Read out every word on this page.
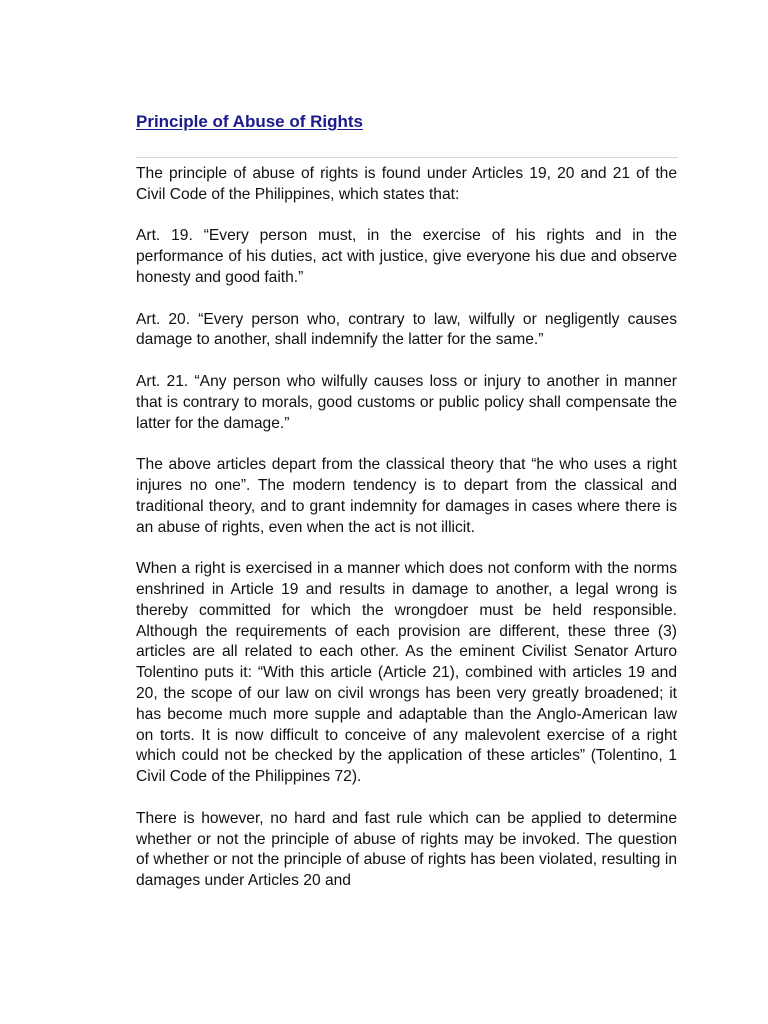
Principle of Abuse of Rights

The principle of abuse of rights is found under Articles 19, 20 and 21 of the Civil Code of the Philippines, which states that:

Art. 19. “Every person must, in the exercise of his rights and in the performance of his duties, act with justice, give everyone his due and observe honesty and good faith.”

Art. 20. “Every person who, contrary to law, wilfully or negligently causes damage to another, shall indemnify the latter for the same.”

Art. 21. “Any person who wilfully causes loss or injury to another in manner that is contrary to morals, good customs or public policy shall compensate the latter for the damage.”

The above articles depart from the classical theory that “he who uses a right injures no one”. The modern tendency is to depart from the classical and traditional theory, and to grant indemnity for damages in cases where there is an abuse of rights, even when the act is not illicit.

When a right is exercised in a manner which does not conform with the norms enshrined in Article 19 and results in damage to another, a legal wrong is thereby committed for which the wrongdoer must be held responsible. Although the requirements of each provision are different, these three (3) articles are all related to each other. As the eminent Civilist Senator Arturo Tolentino puts it: “With this article (Article 21), combined with articles 19 and 20, the scope of our law on civil wrongs has been very greatly broadened; it has become much more supple and adaptable than the Anglo-American law on torts. It is now difficult to conceive of any malevolent exercise of a right which could not be checked by the application of these articles” (Tolentino, 1 Civil Code of the Philippines 72).

There is however, no hard and fast rule which can be applied to determine whether or not the principle of abuse of rights may be invoked. The question of whether or not the principle of abuse of rights has been violated, resulting in damages under Articles 20 and
